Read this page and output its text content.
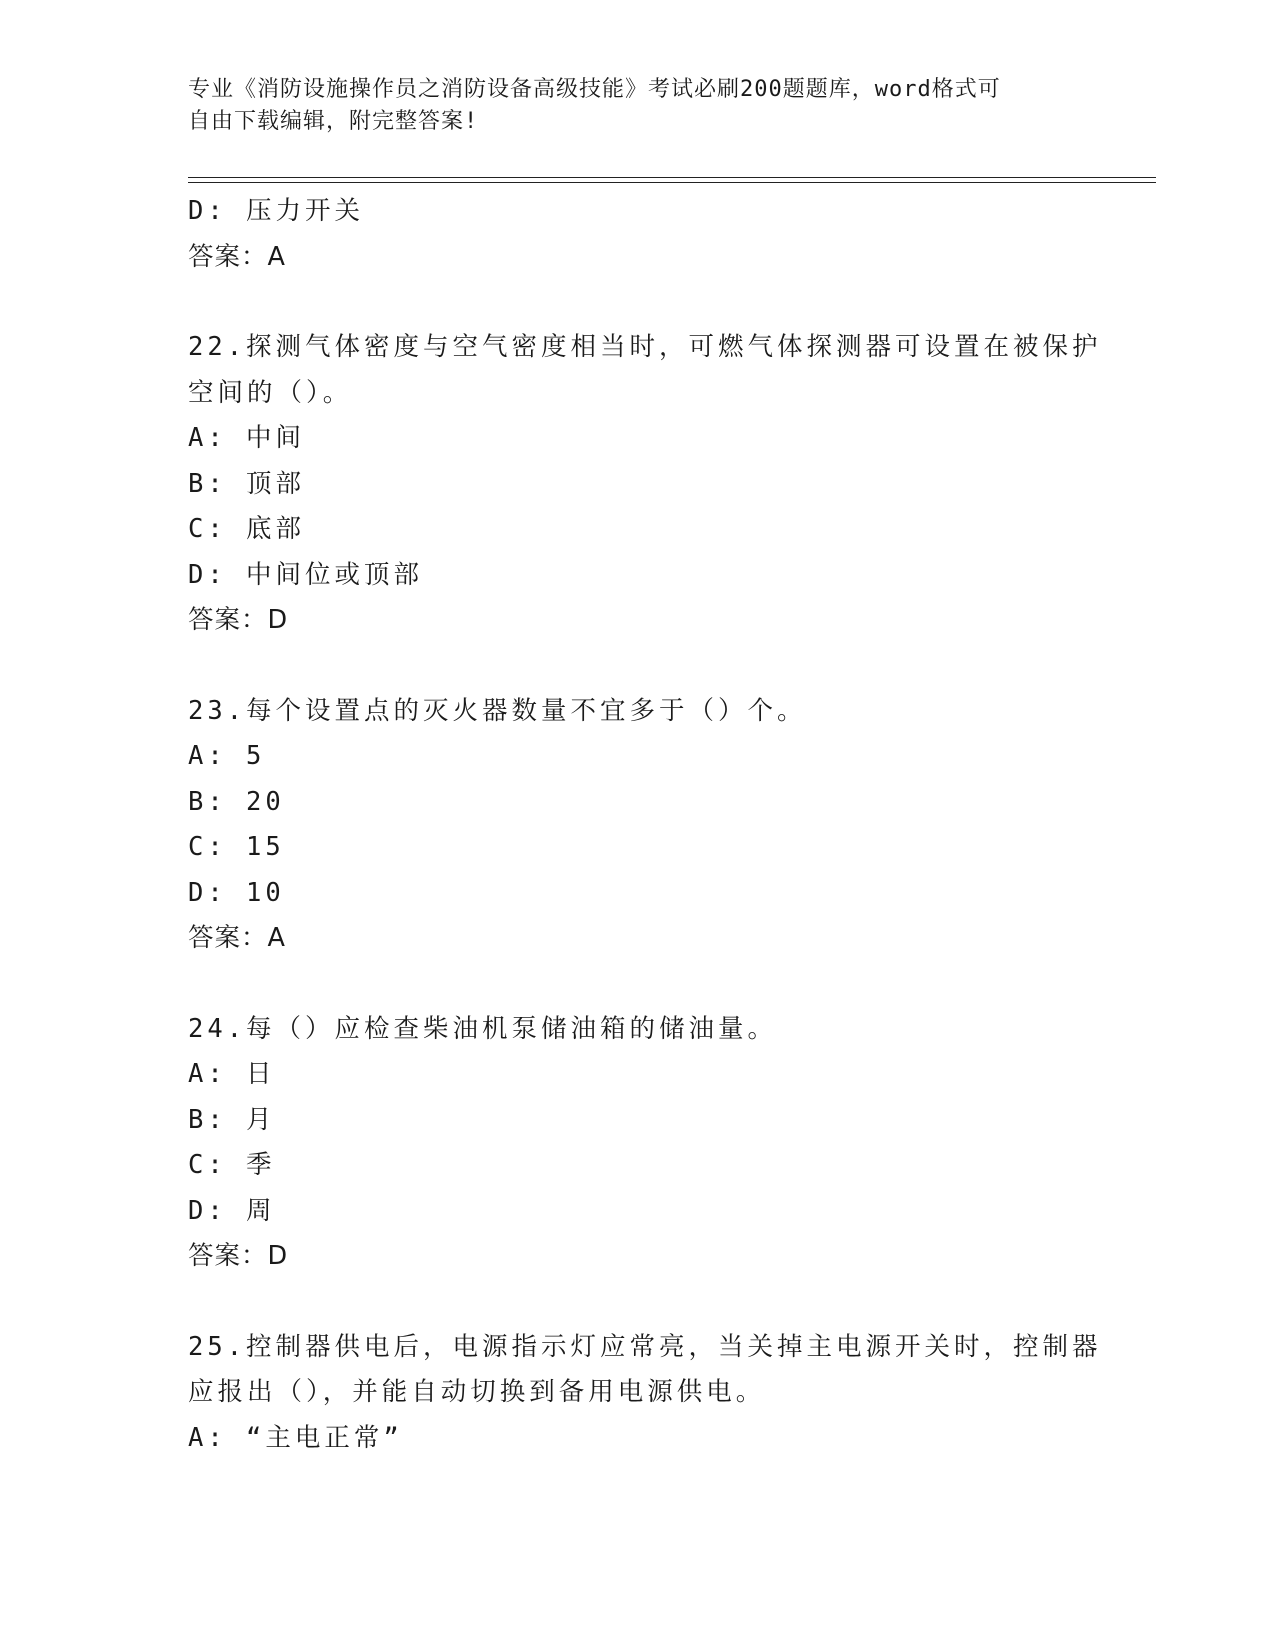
专业《消防设施操作员之消防设备高级技能》考试必刷200题题库，word格式可
自由下载编辑，附完整答案!
D: 压力开关
答案：A
22.探测气体密度与空气密度相当时，可燃气体探测器可设置在被保护
空间的（）。
A: 中间
B: 顶部
C: 底部
D: 中间位或顶部
答案：D
23.每个设置点的灭火器数量不宜多于（）个。
A: 5
B: 20
C: 15
D: 10
答案：A
24.每（）应检查柴油机泵储油箱的储油量。
A: 日
B: 月
C: 季
D: 周
答案：D
25.控制器供电后，电源指示灯应常亮，当关掉主电源开关时，控制器
应报出（），并能自动切换到备用电源供电。
A: “主电正常”
